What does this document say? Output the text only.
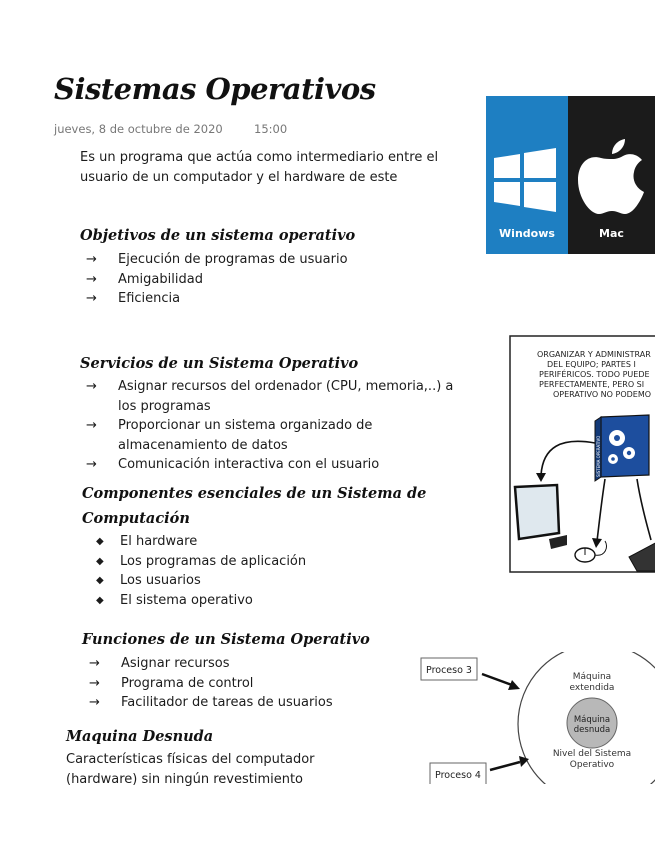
Sistemas Operativos
jueves, 8 de octubre de 2020	15:00
Es un programa que actúa como intermediario entre el usuario de un computador y el hardware de este
Objetivos de un sistema operativo
→ Ejecución de programas de usuario
→ Amigabilidad
→ Eficiencia
Servicios de un Sistema Operativo
→ Asignar recursos del ordenador (CPU, memoria,..) a los programas
→ Proporcionar un sistema organizado de almacenamiento de datos
→ Comunicación interactiva con el usuario
Componentes esenciales de un Sistema de
Computación
◆ El hardware
◆ Los programas de aplicación
◆ Los usuarios
◆ El sistema operativo
Funciones de un Sistema Operativo
→ Asignar recursos
→ Programa de control
→ Facilitador de tareas de usuarios
Maquina Desnuda
Características físicas del computador (hardware) sin ningún revestimiento
Windows	Mac
ORGANIZAR Y ADMINISTRAR
DEL EQUIPO; PARTES I
PERIFÉRICOS. TODO PUEDE
PERFECTAMENTE, PERO SI
OPERATIVO NO PODEMO
SISTEMA OPERATIVO
Máquina
extendida
Máquina
desnuda
Nivel del Sistema
Operativo
Proceso 3
Proceso 4
